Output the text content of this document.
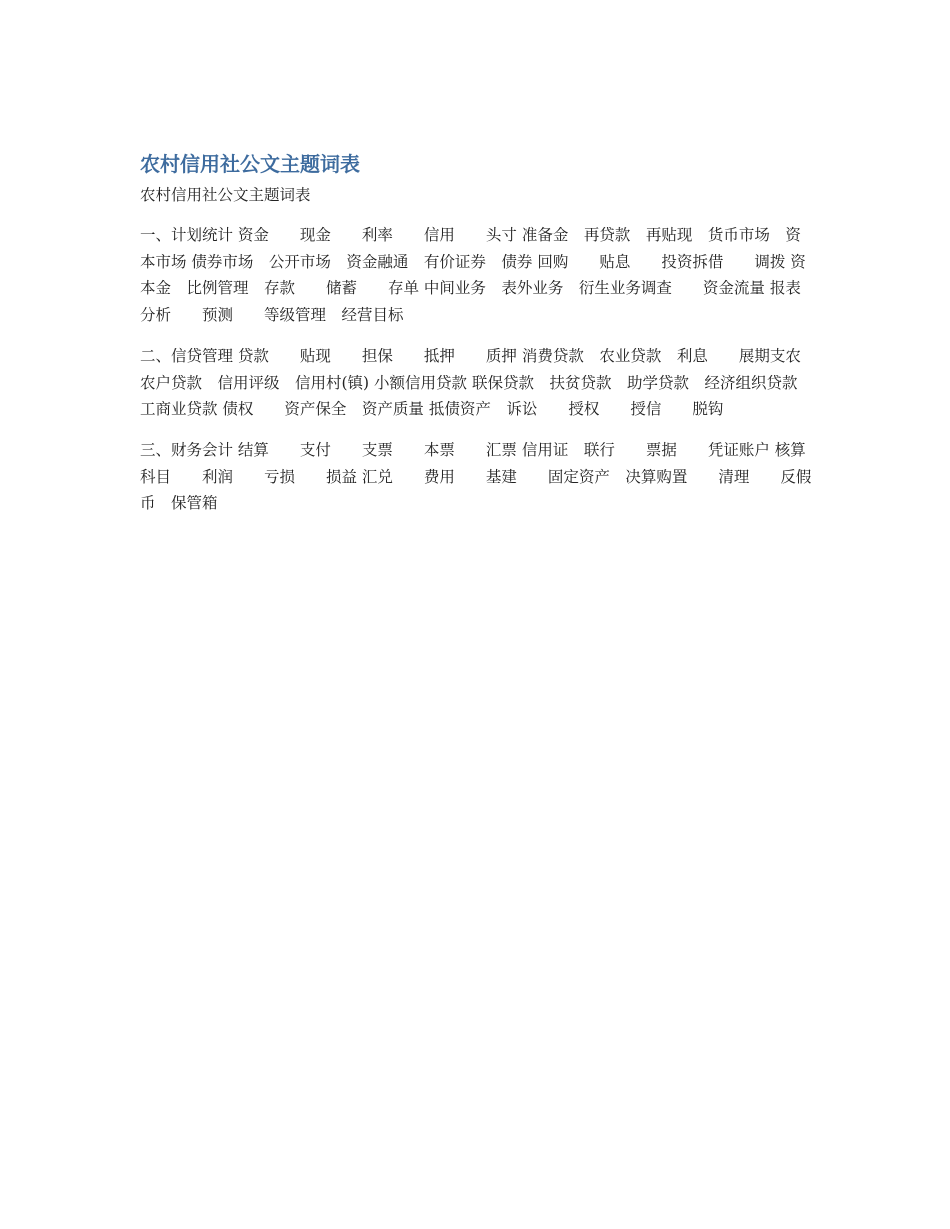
农村信用社公文主题词表
农村信用社公文主题词表
一、计划统计 资金　　现金　　利率　　信用　　头寸 准备金　再贷款　再贴现　货币市场　资本市场 债券市场　公开市场　资金融通　有价证券　债券 回购　　贴息　　投资拆借　　调拨 资本金　比例管理　存款　　储蓄　　存单 中间业务　表外业务　衍生业务调查　　资金流量 报表　　分析　　预测　　等级管理　经营目标
二、信贷管理 贷款　　贴现　　担保　　抵押　　质押 消费贷款　农业贷款　利息　　展期支农 农户贷款　信用评级　信用村(镇) 小额信用贷款 联保贷款　扶贫贷款　助学贷款　经济组织贷款 工商业贷款 债权　　资产保全　资产质量 抵债资产　诉讼　　授权　　授信　　脱钩
三、财务会计 结算　　支付　　支票　　本票　　汇票 信用证　联行　　票据　　凭证账户 核算　　科目　　利润　　亏损　　损益 汇兑　　费用　　基建　　固定资产　决算购置　　清理　　反假币　保管箱
